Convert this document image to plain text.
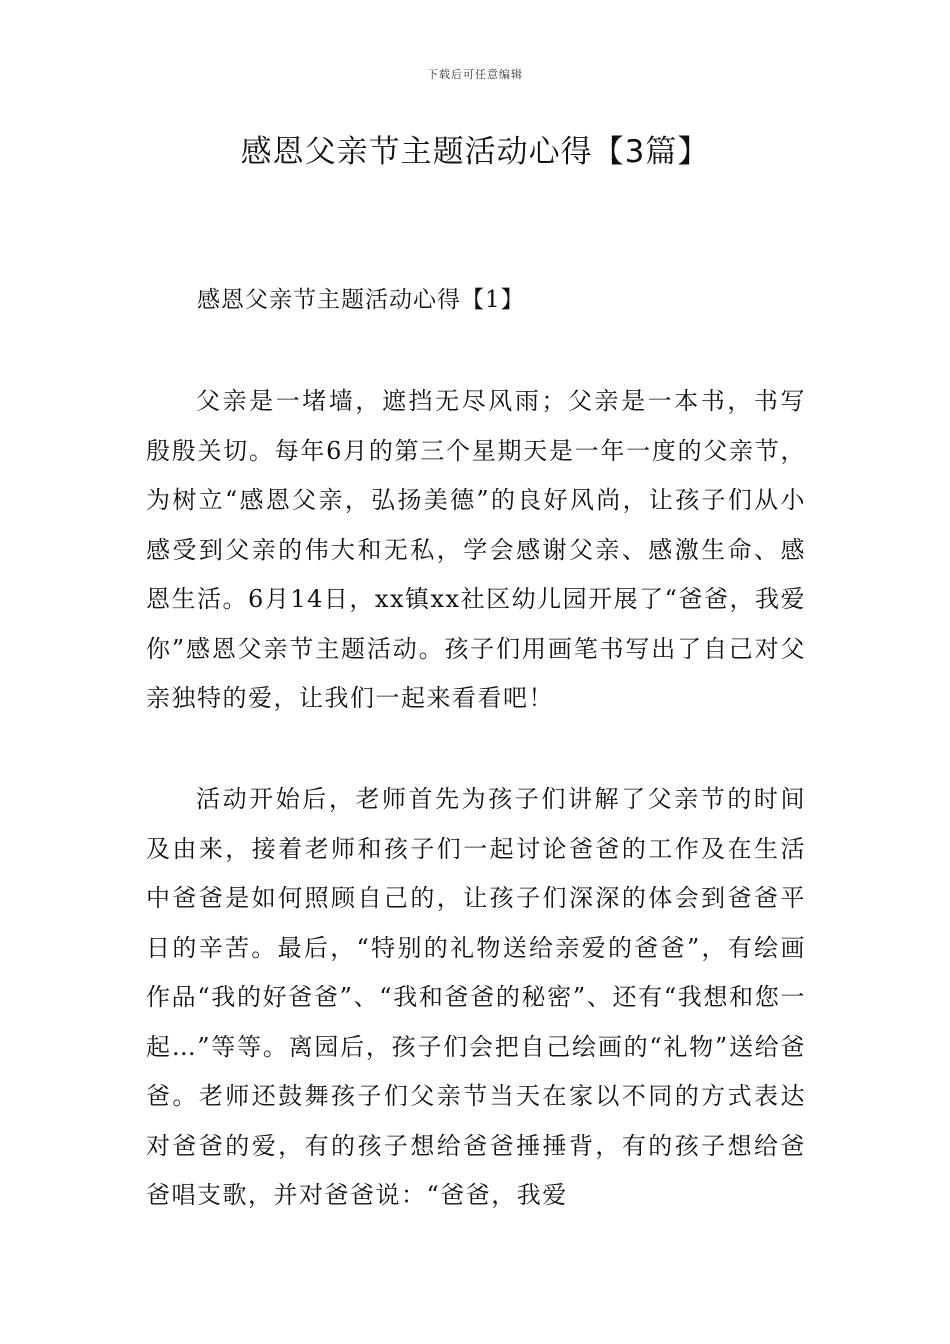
下载后可任意编辑
感恩父亲节主题活动心得【3篇】
感恩父亲节主题活动心得【1】

父亲是一堵墙，遮挡无尽风雨；父亲是一本书，书写殷殷关切。每年6月的第三个星期天是一年一度的父亲节，为树立“感恩父亲，弘扬美德”的良好风尚，让孩子们从小感受到父亲的伟大和无私，学会感谢父亲、感激生命、感恩生活。6月14日，xx镇xx社区幼儿园开展了“爸爸，我爱你”感恩父亲节主题活动。孩子们用画笔书写出了自己对父亲独特的爱，让我们一起来看看吧！

活动开始后，老师首先为孩子们讲解了父亲节的时间及由来，接着老师和孩子们一起讨论爸爸的工作及在生活中爸爸是如何照顾自己的，让孩子们深深的体会到爸爸平日的辛苦。最后，“特别的礼物送给亲爱的爸爸”，有绘画作品“我的好爸爸”、“我和爸爸的秘密”、还有“我想和您一起…”等等。离园后，孩子们会把自己绘画的“礼物”送给爸爸。老师还鼓舞孩子们父亲节当天在家以不同的方式表达对爸爸的爱，有的孩子想给爸爸捶捶背，有的孩子想给爸爸唱支歌，并对爸爸说：“爸爸，我爱
